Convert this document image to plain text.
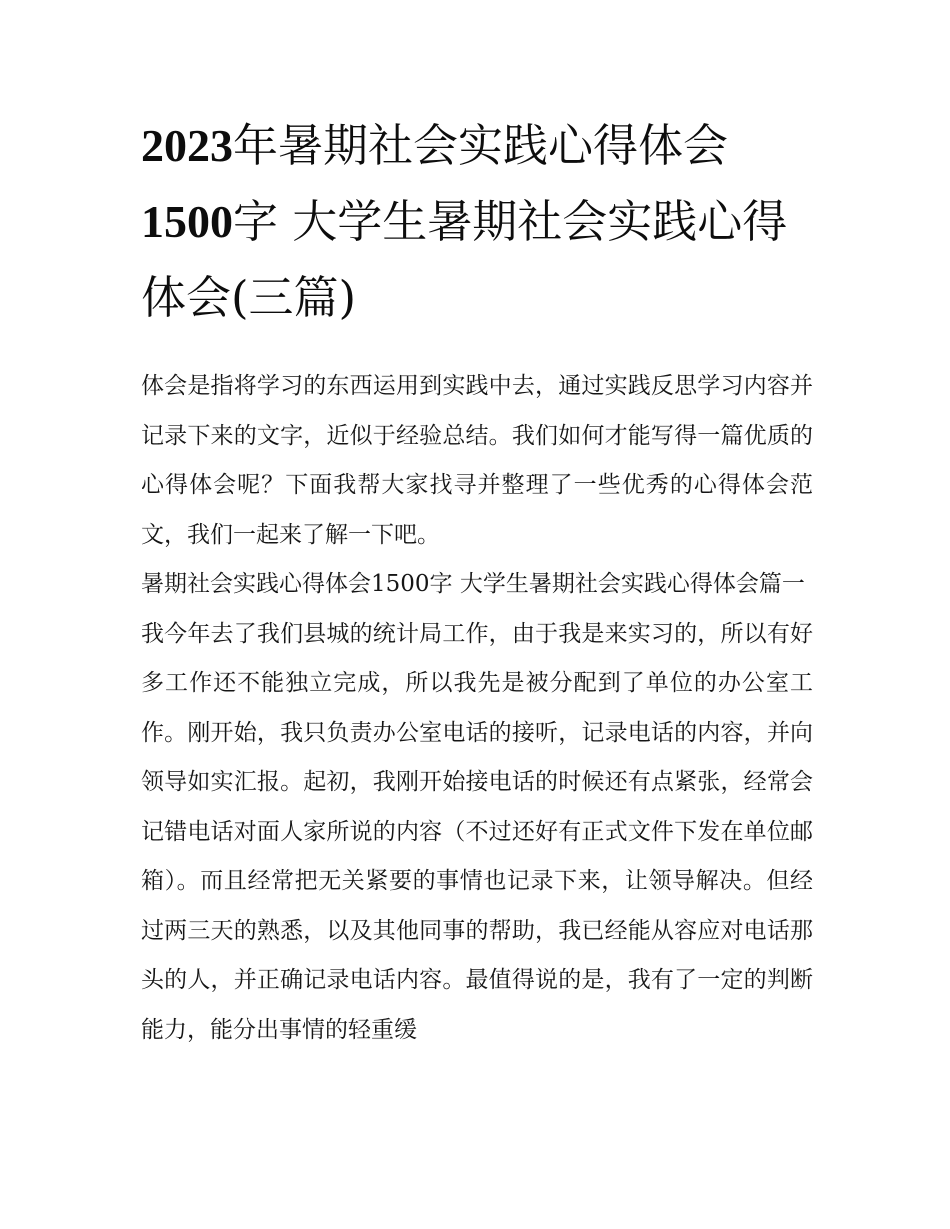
2023年暑期社会实践心得体会
1500字 大学生暑期社会实践心得体会(三篇)

体会是指将学习的东西运用到实践中去，通过实践反思学习内容并记录下来的文字，近似于经验总结。我们如何才能写得一篇优质的心得体会呢？下面我帮大家找寻并整理了一些优秀的心得体会范文，我们一起来了解一下吧。

暑期社会实践心得体会1500字 大学生暑期社会实践心得体会篇一

我今年去了我们县城的统计局工作，由于我是来实习的，所以有好多工作还不能独立完成，所以我先是被分配到了单位的办公室工作。刚开始，我只负责办公室电话的接听，记录电话的内容，并向领导如实汇报。起初，我刚开始接电话的时候还有点紧张，经常会记错电话对面人家所说的内容（不过还好有正式文件下发在单位邮箱）。而且经常把无关紧要的事情也记录下来，让领导解决。但经过两三天的熟悉，以及其他同事的帮助，我已经能从容应对电话那头的人，并正确记录电话内容。最值得说的是，我有了一定的判断能力，能分出事情的轻重缓
